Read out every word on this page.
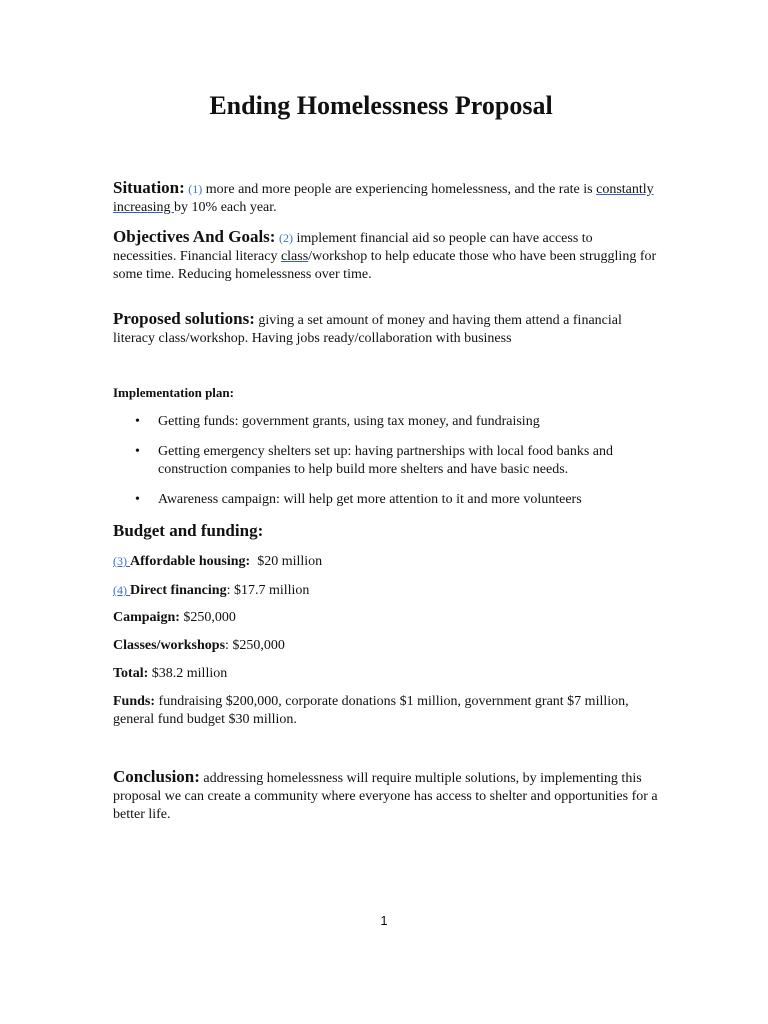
Ending Homelessness Proposal

Situation: (1) more and more people are experiencing homelessness, and the rate is constantly increasing by 10% each year.

Objectives And Goals: (2) implement financial aid so people can have access to necessities. Financial literacy class/workshop to help educate those who have been struggling for some time. Reducing homelessness over time.

Proposed solutions: giving a set amount of money and having them attend a financial literacy class/workshop. Having jobs ready/collaboration with business

Implementation plan:

• Getting funds: government grants, using tax money, and fundraising
• Getting emergency shelters set up: having partnerships with local food banks and construction companies to help build more shelters and have basic needs.
• Awareness campaign: will help get more attention to it and more volunteers

Budget and funding:

(3) Affordable housing:  $20 million

(4) Direct financing: $17.7 million

Campaign: $250,000

Classes/workshops: $250,000

Total: $38.2 million

Funds: fundraising $200,000, corporate donations $1 million, government grant $7 million, general fund budget $30 million.

Conclusion: addressing homelessness will require multiple solutions, by implementing this proposal we can create a community where everyone has access to shelter and opportunities for a better life.

1
